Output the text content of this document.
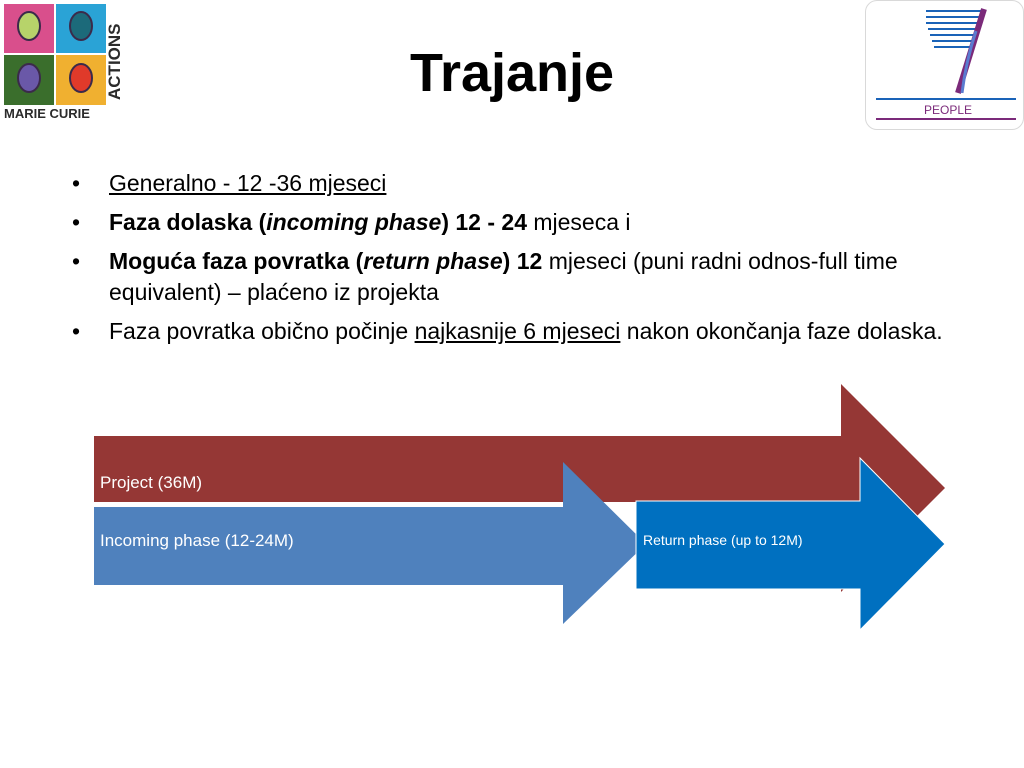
ACTIONS
MARIE CURIE	PEOPLE
Trajanje
• Generalno - 12 -36 mjeseci
• Faza dolaska (incoming phase) 12 - 24 mjeseca i
• Moguća faza povratka (return phase) 12 mjeseci (puni radni odnos-full time equivalent) – plaćeno iz projekta
• Faza povratka obično počinje najkasnije 6 mjeseci nakon okončanja faze dolaska.
Project (36M)
Incoming phase (12-24M)	Return phase (up to 12M)
